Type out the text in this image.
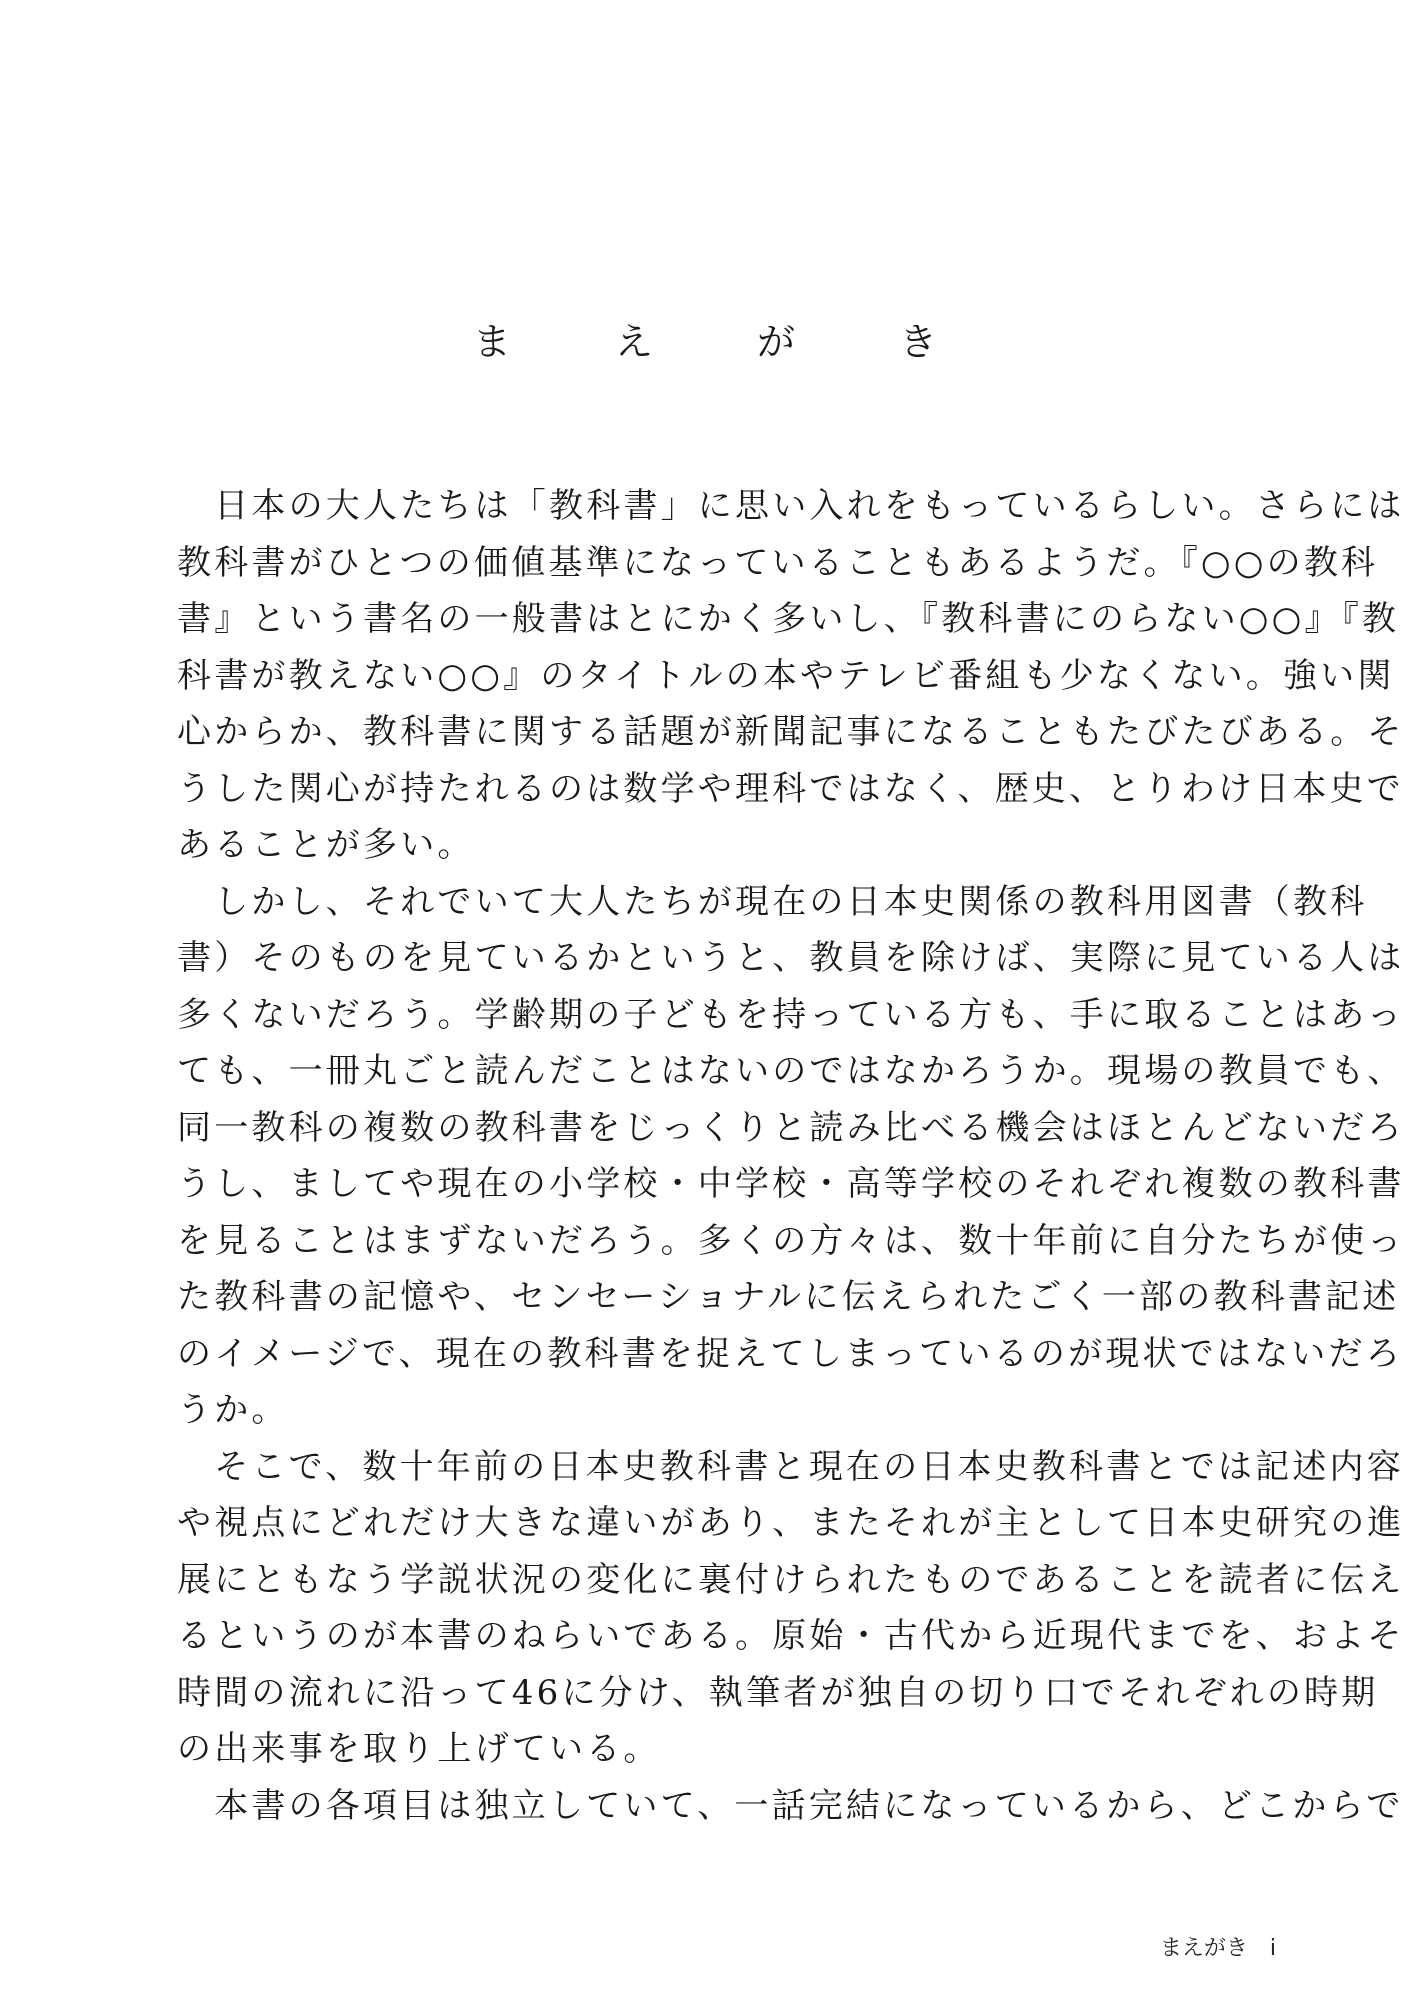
ま え が き
　日本の大人たちは「教科書」に思い入れをもっているらしい。さらには
教科書がひとつの価値基準になっていることもあるようだ。『○○の教科
書』という書名の一般書はとにかく多いし、『教科書にのらない○○』『教
科書が教えない○○』のタイトルの本やテレビ番組も少なくない。強い関
心からか、教科書に関する話題が新聞記事になることもたびたびある。そ
うした関心が持たれるのは数学や理科ではなく、歴史、とりわけ日本史で
あることが多い。
　しかし、それでいて大人たちが現在の日本史関係の教科用図書（教科
書）そのものを見ているかというと、教員を除けば、実際に見ている人は
多くないだろう。学齢期の子どもを持っている方も、手に取ることはあっ
ても、一冊丸ごと読んだことはないのではなかろうか。現場の教員でも、
同一教科の複数の教科書をじっくりと読み比べる機会はほとんどないだろ
うし、ましてや現在の小学校・中学校・高等学校のそれぞれ複数の教科書
を見ることはまずないだろう。多くの方々は、数十年前に自分たちが使っ
た教科書の記憶や、センセーショナルに伝えられたごく一部の教科書記述
のイメージで、現在の教科書を捉えてしまっているのが現状ではないだろ
うか。
　そこで、数十年前の日本史教科書と現在の日本史教科書とでは記述内容
や視点にどれだけ大きな違いがあり、またそれが主として日本史研究の進
展にともなう学説状況の変化に裏付けられたものであることを読者に伝え
るというのが本書のねらいである。原始・古代から近現代までを、およそ
時間の流れに沿って46に分け、執筆者が独自の切り口でそれぞれの時期
の出来事を取り上げている。
　本書の各項目は独立していて、一話完結になっているから、どこからで
まえがき i
